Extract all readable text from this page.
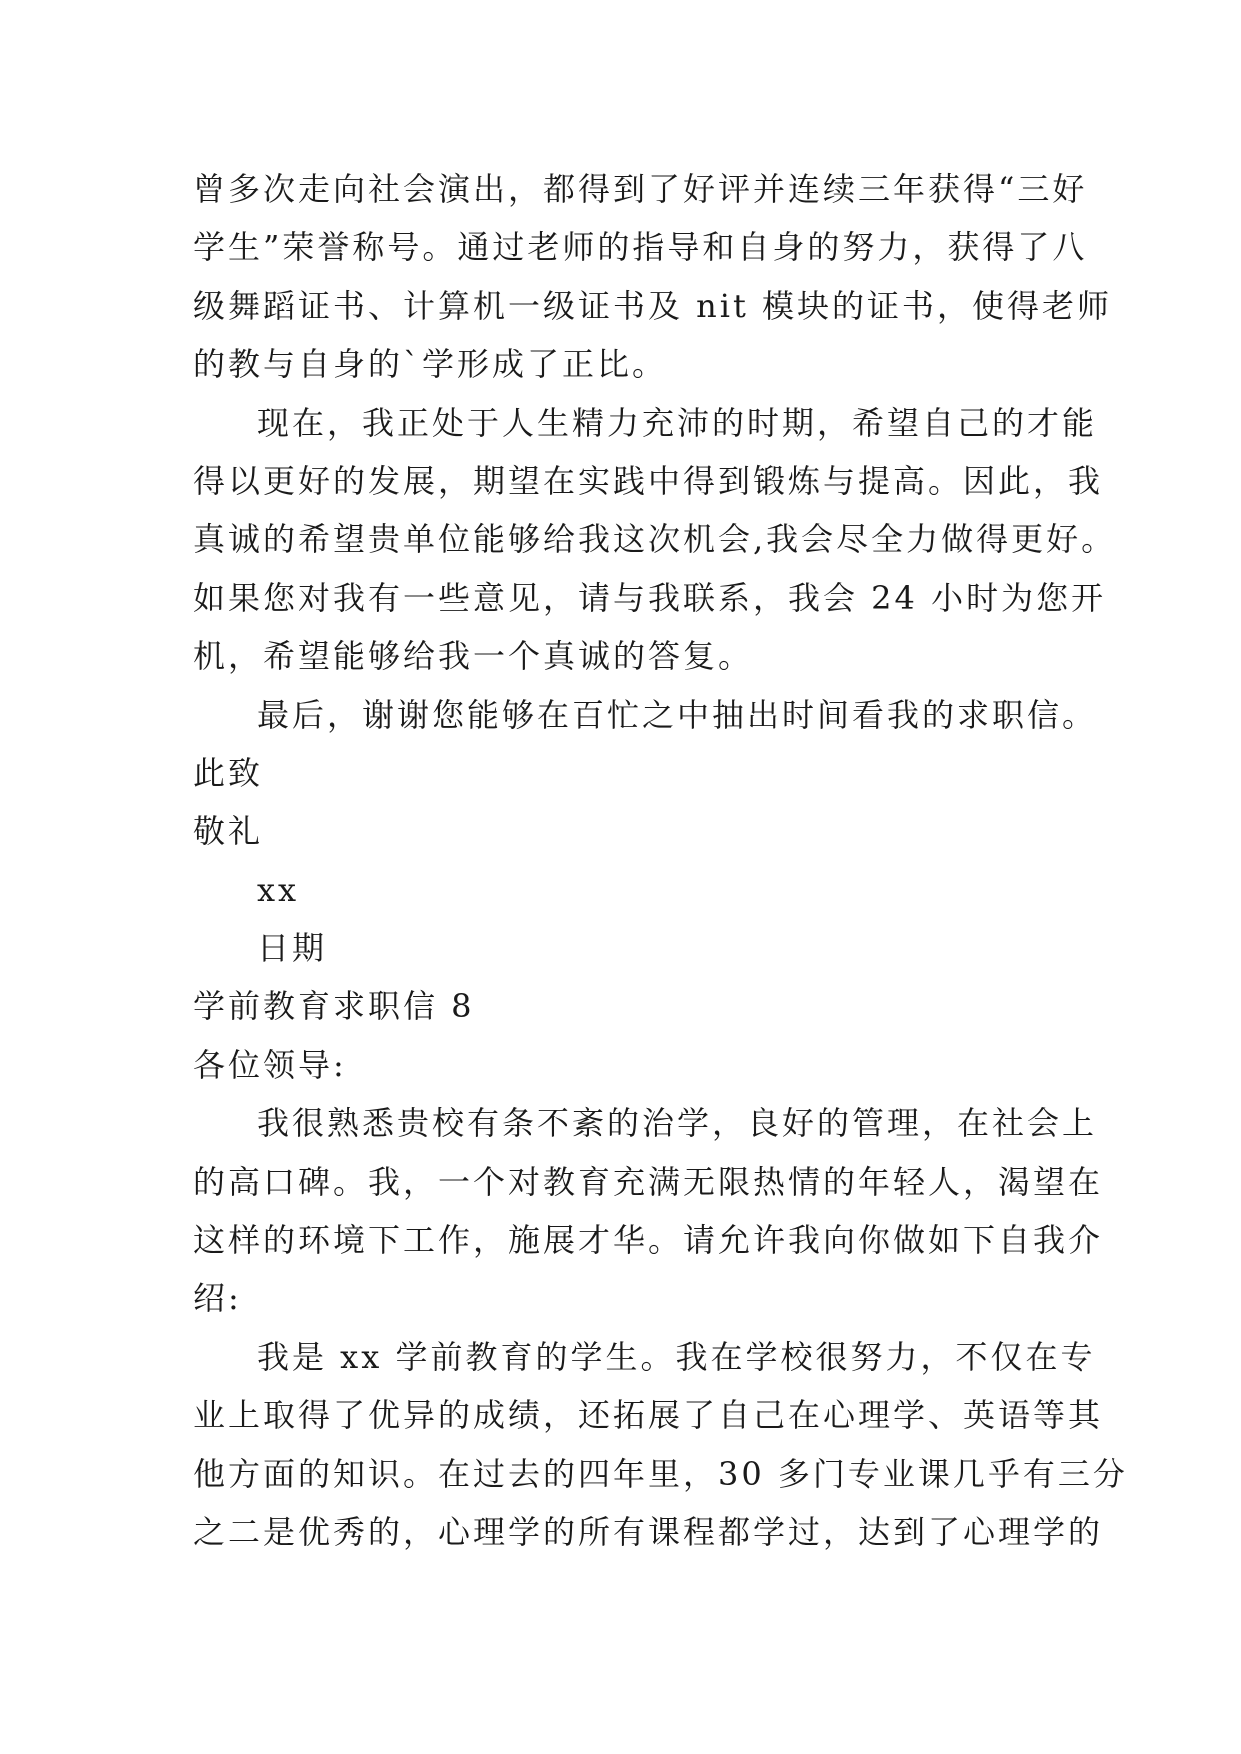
曾多次走向社会演出，都得到了好评并连续三年获得“三好
学生”荣誉称号。通过老师的指导和自身的努力，获得了八
级舞蹈证书、计算机一级证书及 nit 模块的证书，使得老师
的教与自身的`学形成了正比。
现在，我正处于人生精力充沛的时期，希望自己的才能
得以更好的发展，期望在实践中得到锻炼与提高。因此，我
真诚的希望贵单位能够给我这次机会,我会尽全力做得更好。
如果您对我有一些意见，请与我联系，我会 24 小时为您开
机，希望能够给我一个真诚的答复。
最后，谢谢您能够在百忙之中抽出时间看我的求职信。
此致
敬礼
xx
日期
学前教育求职信 8
各位领导:
我很熟悉贵校有条不紊的治学，良好的管理，在社会上
的高口碑。我，一个对教育充满无限热情的年轻人，渴望在
这样的环境下工作，施展才华。请允许我向你做如下自我介
绍:
我是 xx 学前教育的学生。我在学校很努力，不仅在专
业上取得了优异的成绩，还拓展了自己在心理学、英语等其
他方面的知识。在过去的四年里，30 多门专业课几乎有三分
之二是优秀的，心理学的所有课程都学过，达到了心理学的
